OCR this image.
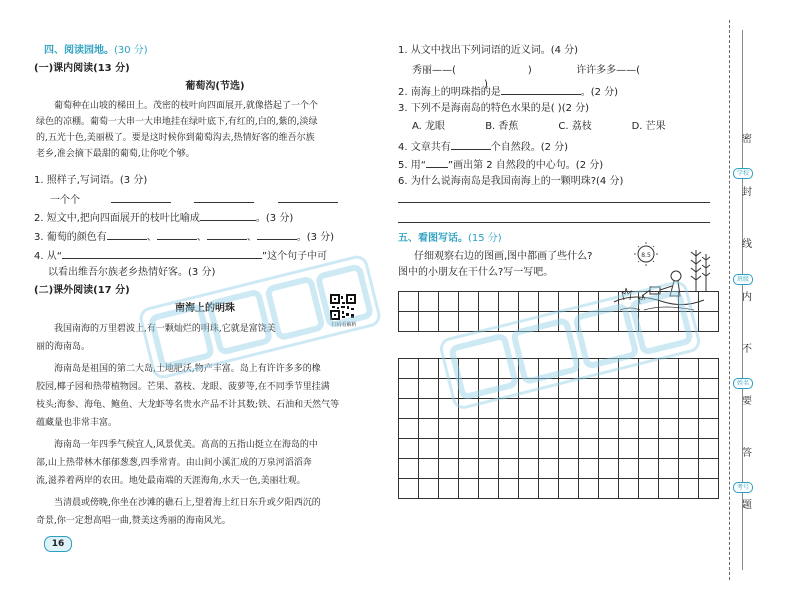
四、阅读园地。(30 分)
(一)课内阅读(13 分)
葡萄沟(节选)
葡萄种在山坡的梯田上。茂密的枝叶向四面展开,就像搭起了一个个
绿色的凉棚。葡萄一大串一大串地挂在绿叶底下,有红的,白的,紫的,淡绿
的,五光十色,美丽极了。要是这时候你到葡萄沟去,热情好客的维吾尔族
老乡,准会摘下最甜的葡萄,让你吃个够。
1. 照样子,写词语。(3 分)
一个个
2. 短文中,把向四面展开的枝叶比喻成	。(3 分)
3. 葡萄的颜色有	、	、	、	。(3 分)
4. 从“	”这个句子中可
以看出维吾尔族老乡热情好客。(3 分)
(二)课外阅读(17 分)
南海上的明珠
扫码看解析
我国南海的万里碧波上,有一颗灿烂的明珠,它就是富饶美
丽的海南岛。
海南岛是祖国的第二大岛,土地肥沃,物产丰富。岛上有许许多多的橡
胶园,椰子园和热带植物园。芒果、荔枝、龙眼、菠萝等,在不同季节里挂满
枝头;海参、海龟、鲍鱼、大龙虾等名贵水产品不计其数;铁、石油和天然气等
蕴藏量也非常丰富。
海南岛一年四季气候宜人,风景优美。高高的五指山挺立在海岛的中
部,山上热带林木郁郁葱葱,四季常青。由山间小溪汇成的万泉河滔滔奔
流,滋养着两岸的农田。地处最南端的天涯海角,水天一色,美丽壮观。
当清晨或傍晚,你坐在沙滩的礁石上,望着海上红日东升或夕阳西沉的
奇景,你一定想高唱一曲,赞美这秀丽的海南风光。
16
1. 从文中找出下列词语的近义词。(4 分)
秀丽——(	)	许许多多——()
2. 南海上的明珠指的是	。(2 分)
3. 下列不是海南岛的特色水果的是( )(2 分)
A. 龙眼	B. 香蕉	C. 荔枝	D. 芒果
4. 文章共有	个自然段。(2 分)
5. 用“ ”画出第 2 自然段的中心句。(2 分)
6. 为什么说海南岛是我国南海上的一颗明珠?(4 分)
五、看图写话。(15 分)
仔细观察右边的图画,图中都画了些什么?
图中的小朋友在干什么?写一写吧。
8.5
密
封
线
内
不
要
答
题
学校
班级
姓名
考号
